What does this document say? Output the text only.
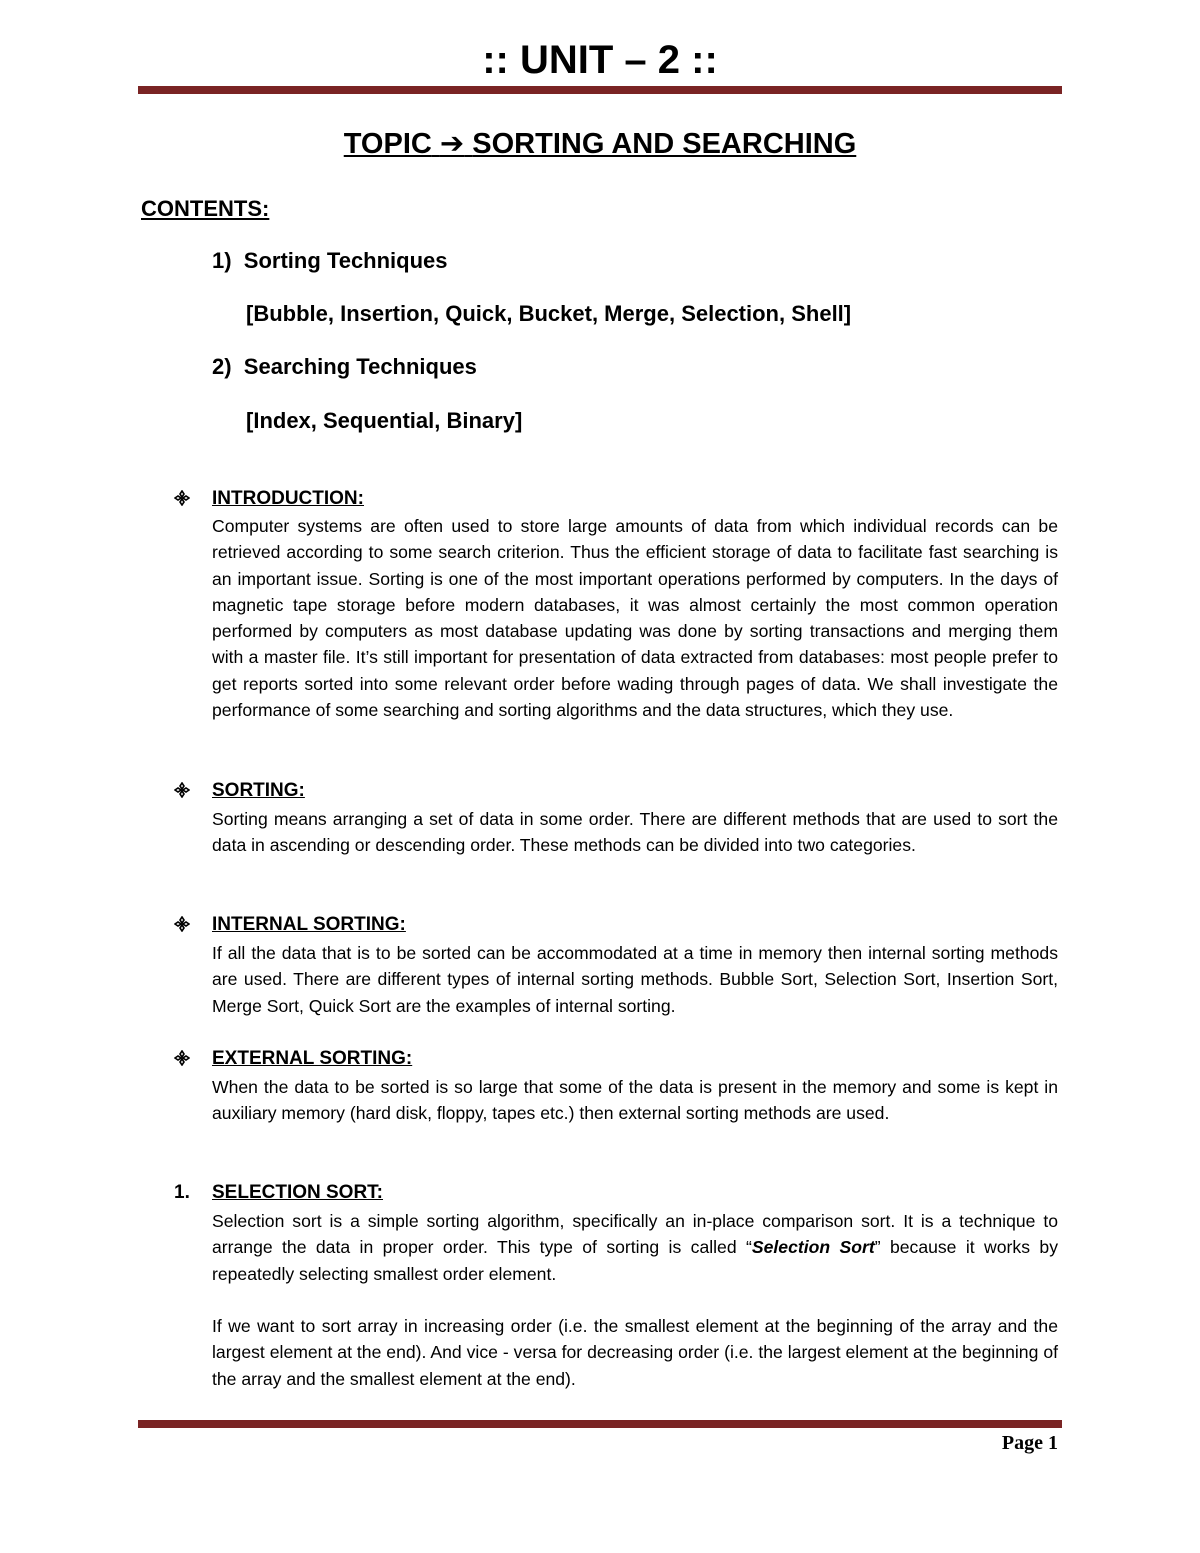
:: UNIT – 2 ::
TOPIC ➔ SORTING AND SEARCHING
CONTENTS:
1) Sorting Techniques
[Bubble, Insertion, Quick, Bucket, Merge, Selection, Shell]
2) Searching Techniques
[Index, Sequential, Binary]
INTRODUCTION:
Computer systems are often used to store large amounts of data from which individual records can be retrieved according to some search criterion. Thus the efficient storage of data to facilitate fast searching is an important issue. Sorting is one of the most important operations performed by computers. In the days of magnetic tape storage before modern databases, it was almost certainly the most common operation performed by computers as most database updating was done by sorting transactions and merging them with a master file. It’s still important for presentation of data extracted from databases: most people prefer to get reports sorted into some relevant order before wading through pages of data. We shall investigate the performance of some searching and sorting algorithms and the data structures, which they use.
SORTING:
Sorting means arranging a set of data in some order. There are different methods that are used to sort the data in ascending or descending order. These methods can be divided into two categories.
INTERNAL SORTING:
If all the data that is to be sorted can be accommodated at a time in memory then internal sorting methods are used. There are different types of internal sorting methods. Bubble Sort, Selection Sort, Insertion Sort, Merge Sort, Quick Sort are the examples of internal sorting.
EXTERNAL SORTING:
When the data to be sorted is so large that some of the data is present in the memory and some is kept in auxiliary memory (hard disk, floppy, tapes etc.) then external sorting methods are used.
1. SELECTION SORT:
Selection sort is a simple sorting algorithm, specifically an in-place comparison sort. It is a technique to arrange the data in proper order. This type of sorting is called “Selection Sort” because it works by repeatedly selecting smallest order element.
If we want to sort array in increasing order (i.e. the smallest element at the beginning of the array and the largest element at the end). And vice - versa for decreasing order (i.e. the largest element at the beginning of the array and the smallest element at the end).
Page 1
